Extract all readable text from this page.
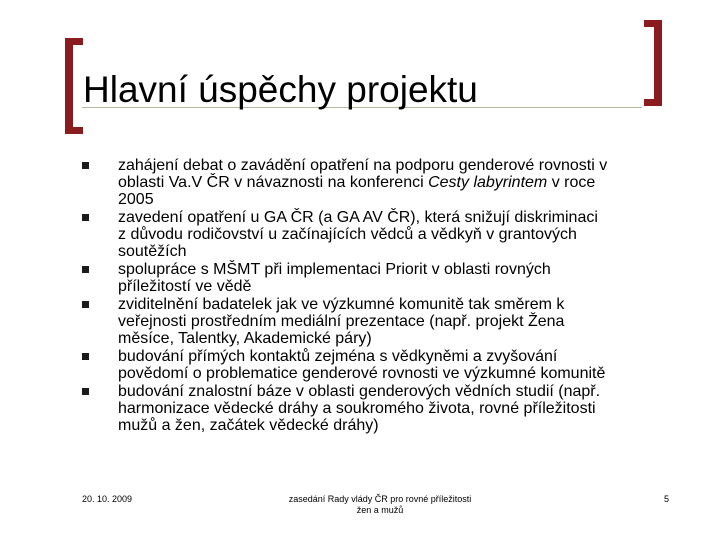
Hlavní úspěchy projektu
zahájení debat o zavádění opatření na podporu genderové rovnosti v
oblasti Va.V ČR v návaznosti na konferenci Cesty labyrintem v roce
2005
zavedení opatření u GA ČR (a GA AV ČR), která snižují diskriminaci
z důvodu rodičovství u začínajících vědců a vědkyň v grantových
soutěžích
spolupráce s MŠMT při implementaci Priorit v oblasti rovných
příležitostí ve vědě
zviditelnění badatelek jak ve výzkumné komunitě tak směrem k
veřejnosti prostředním mediální prezentace (např. projekt Žena
měsíce, Talentky, Akademické páry)
budování přímých kontaktů zejména s vědkyněmi a zvyšování
povědomí o problematice genderové rovnosti ve výzkumné komunitě
budování znalostní báze v oblasti genderových vědních studií (např.
harmonizace vědecké dráhy a soukromého života, rovné příležitosti
mužů a žen, začátek vědecké dráhy)
20. 10. 2009	zasedání Rady vlády ČR pro rovné příležitosti
žen a mužů
5
